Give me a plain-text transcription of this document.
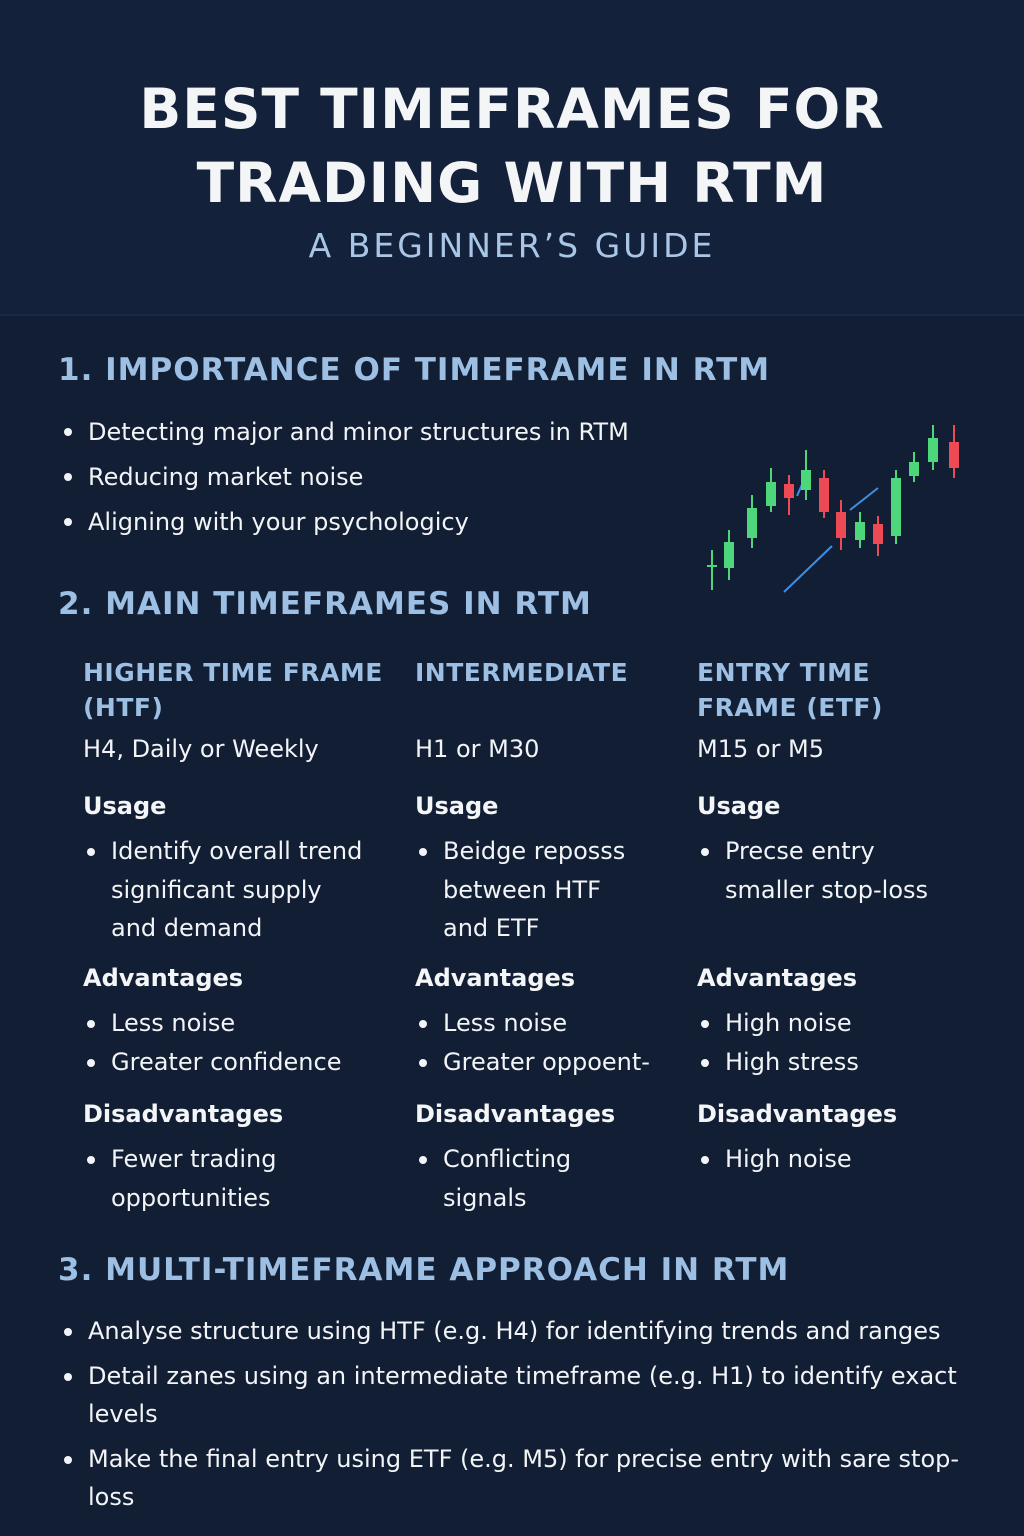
BEST TIMEFRAMES FOR
TRADING WITH RTM
A BEGINNER’S GUIDE
1. IMPORTANCE OF TIMEFRAME IN RTM
Detecting major and minor structures in RTM
Reducing market noise
Aligning with your psychologicy
2. MAIN TIMEFRAMES IN RTM
HIGHER TIME FRAME
(HTF)
H4, Daily or Weekly
Usage
Identify overall trend
significant supply
and demand
Advantages
Less noise
Greater confidence
Disadvantages
Fewer trading
opportunities
INTERMEDIATE
H1 or M30
Usage
Beidge reposss
between HTF
and ETF
Advantages
Less noise
Greater oppoent-
Disadvantages
Conflicting
signals
ENTRY TIME
FRAME (ETF)
M15 or M5
Usage
Precse entry
smaller stop-loss
Advantages
High noise
High stress
Disadvantages
High noise
3. MULTI-TIMEFRAME APPROACH IN RTM
Analyse structure using HTF (e.g. H4) for identifying trends and ranges
Detail zanes using an intermediate timeframe (e.g. H1) to identify exact levels
Make the final entry using ETF (e.g. M5) for precise entry with sare stop-loss
